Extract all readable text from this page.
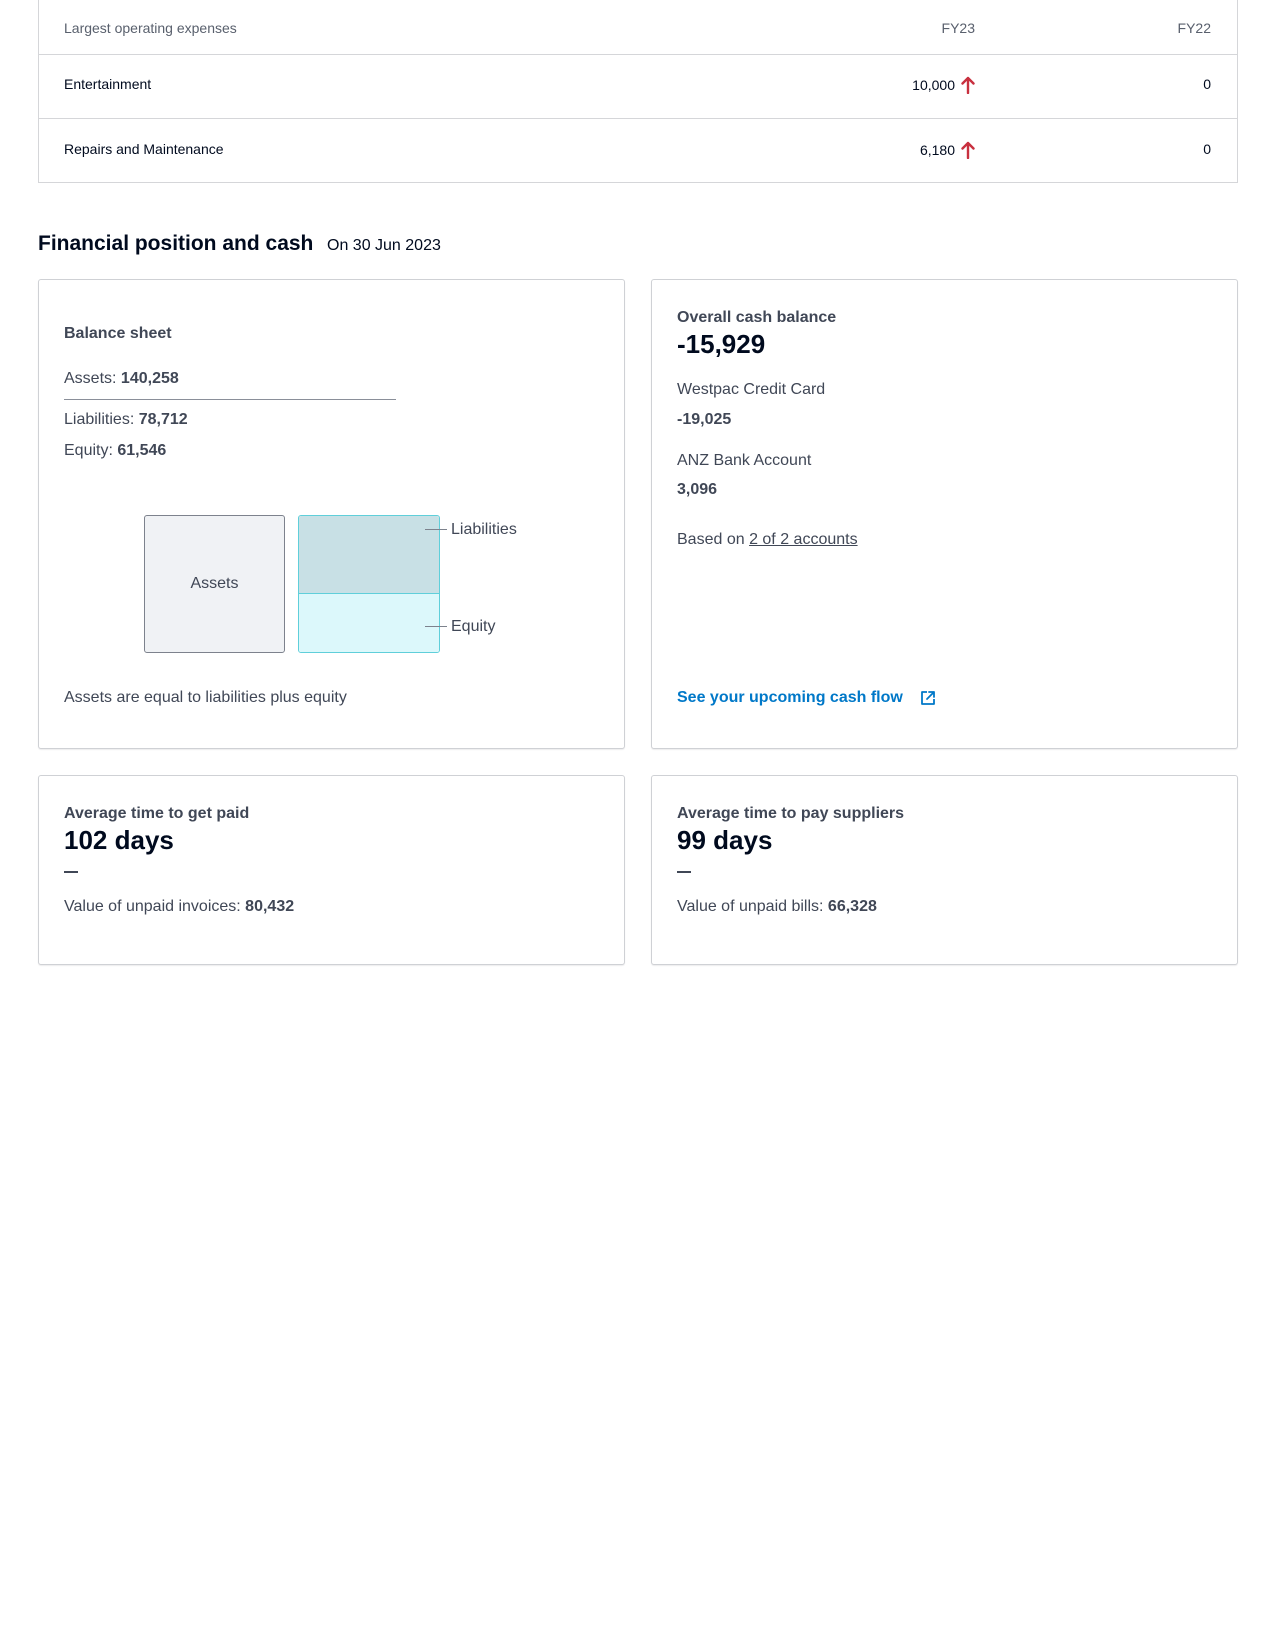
Largest operating expenses	FY23	FY22
Entertainment	10,000	0
Repairs and Maintenance	6,180	0
Financial position and cash On 30 Jun 2023
Balance sheet
Assets: 140,258
Liabilities: 78,712
Equity: 61,546
Assets
Liabilities
Equity
Assets are equal to liabilities plus equity
Overall cash balance
-15,929
Westpac Credit Card
-19,025
ANZ Bank Account
3,096
Based on 2 of 2 accounts
See your upcoming cash flow
Average time to get paid
102 days
Value of unpaid invoices: 80,432
Average time to pay suppliers
99 days
Value of unpaid bills: 66,328
